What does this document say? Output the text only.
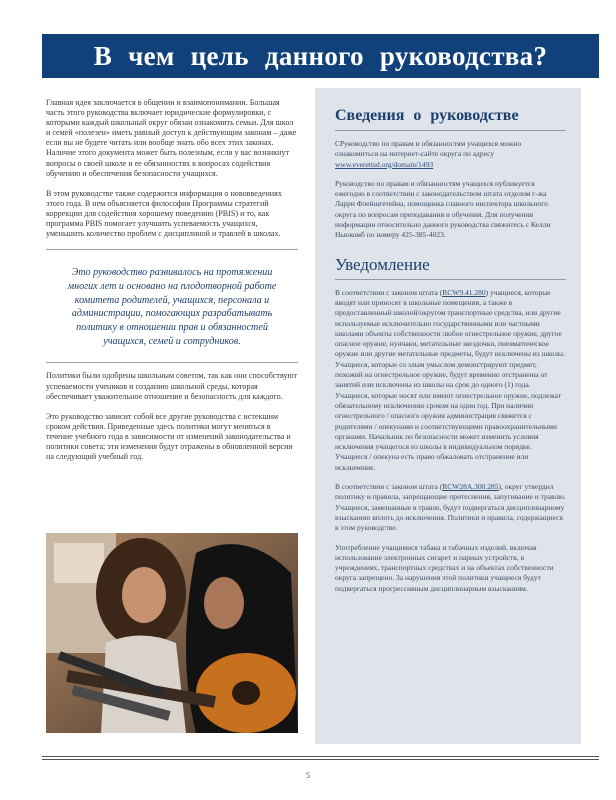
В чем цель данного руководства?

Главная идея заключается в общении и взаимопонимании. Большая часть этого руководства включает юридические формулировки, с которыми каждый школьный округ обязан ознакомить семьи. Для школ и семей «полезен» иметь равный доступ к действующим законам – даже если вы не будете читать или вообще знать обо всех этих законах. Наличие этого документа может быть полезным, если у вас возникнут вопросы о своей школе и ее обязанностях в вопросах содействия обучению и обеспечения безопасности учащихся.

В этом руководстве также содержится информация о нововведениях этого года. В нем объясняется философия Программы стратегий коррекции для содействия хорошему поведению (PBIS) и то, как программа PBIS помогает улучшить успеваемость учащихся, уменьшить количество проблем с дисциплиной и травлей в школах.

Это руководство развивалось на протяжении многих лет и основано на плодотворной работе комитета родителей, учащихся, персонала и администрации, помогающих разрабатывать политику в отношении прав и обязанностей учащихся, семей и сотрудников.

Политики были одобрены школьным советом, так как они способствуют успеваемости учеников и созданию школьной среды, которая обеспечивает уважительное отношение и безопасность для каждого.

Это руководство зависит собой все другие руководства с истекшим сроком действия. Приведенные здесь политики могут меняться в течение учебного года в зависимости от изменений законодательства и политики совета; эти изменения будут отражены в обновленной версии на следующий учебный год.

Сведения о руководстве

СРуководство по правам и обязанностям учащихся можно ознакомиться на интернет-сайте округа по адресу www.everettsd.org/domain/1493

Руководство по правам и обязанностям учащихся публикуется ежегодно в соответствии с законодательством штата отделом г-жа Ларри Флейшгетейна, помощника главного инспектора школьного округа по вопросам преподавания и обучения. Для получения информации относительно данного руководства свяжитесь с Келли Ньюкомб по номеру 425-385-4023.

Уведомление

В соответствии с законом штата (RCW9.41.280) учащиеся, которые вводят или приносят в школьные помещения, а также в предоставленный школой/округом транспортные средства, или другие используемые исключительно государственными или частными школами объекты собственности любое огнестрельное оружие, другое опасное оружие, нунчаки, метательные звездочки, пневматическое оружие или другие метательные предметы, будут исключены из школы. Учащиеся, которые со злым умыслом демонстрируют предмет, похожий на огнестрельное оружие, будут временно отстранены от занятий или исключены из школы на срок до одного (1) года. Учащиеся, которые носят или имеют огнестрельное оружие, подлежат обязательному исключению сроком на один год. При наличии огнестрельного / опасного оружия администрация свяжется с родителями / опекунами и соответствующими правоохранительными органами. Начальник по безопасности может изменить условия исключения учащегося из школы в индивидуальном порядке. Учащиеся / опекуна есть право обжаловать отстранение или исключение.

В соответствии с законом штата (RCW28A.300.285), округ утвердил политику и правила, запрещающие притеснения, запугивание и травлю. Учащиеся, замешанные в травле, будут подвергаться дисциплинарному взысканию вплоть до исключения. Политики и правила, содержащиеся в этом руководстве.

Употребление учащимися табака и табачных изделий, включая использование электронных сигарет и парных устройств, в учреждениях, транспортных средствах и на объектах собственности округа запрещено. За нарушения этой политики учащиеся будут подвергаться прогрессивным дисциплинарным взысканиям.

5
